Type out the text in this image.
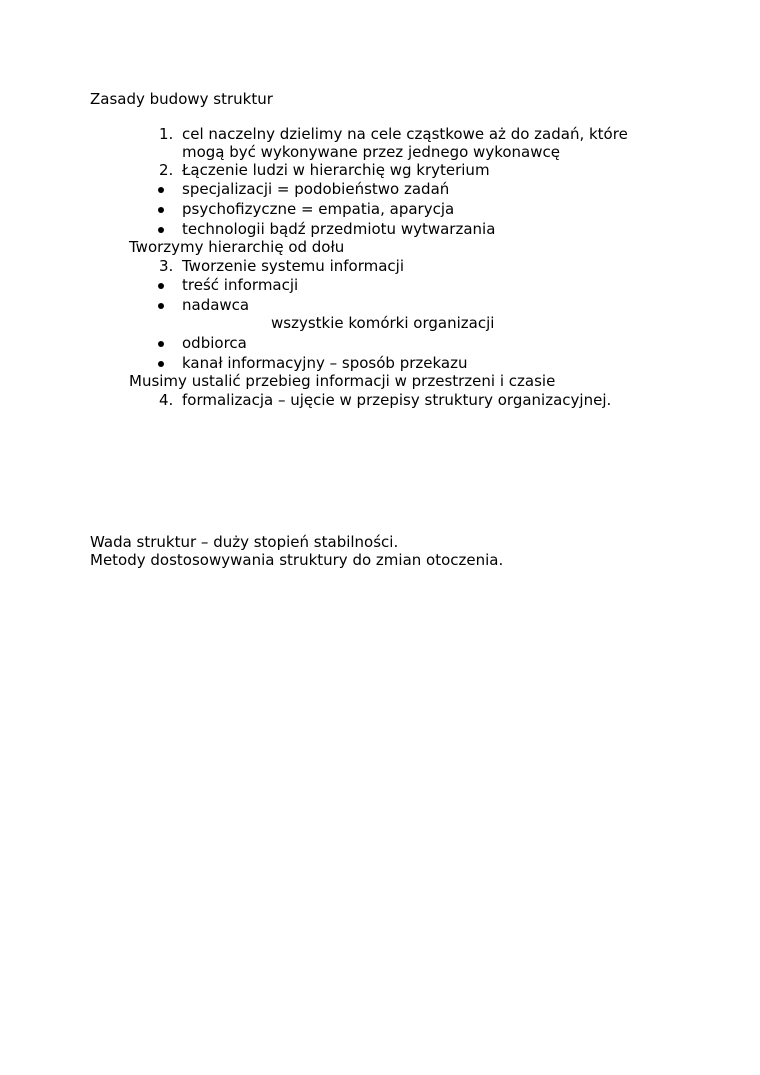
Zasady budowy struktur
1. cel naczelny dzielimy na cele cząstkowe aż do zadań, które
mogą być wykonywane przez jednego wykonawcę
2. Łączenie ludzi w hierarchię wg kryterium
specjalizacji = podobieństwo zadań
psychofizyczne = empatia, aparycja
technologii bądź przedmiotu wytwarzania
Tworzymy hierarchię od dołu
3. Tworzenie systemu informacji
treść informacji
nadawca
wszystkie komórki organizacji
odbiorca
kanał informacyjny – sposób przekazu
Musimy ustalić przebieg informacji w przestrzeni i czasie
4. formalizacja – ujęcie w przepisy struktury organizacyjnej.
Wada struktur – duży stopień stabilności.
Metody dostosowywania struktury do zmian otoczenia.
